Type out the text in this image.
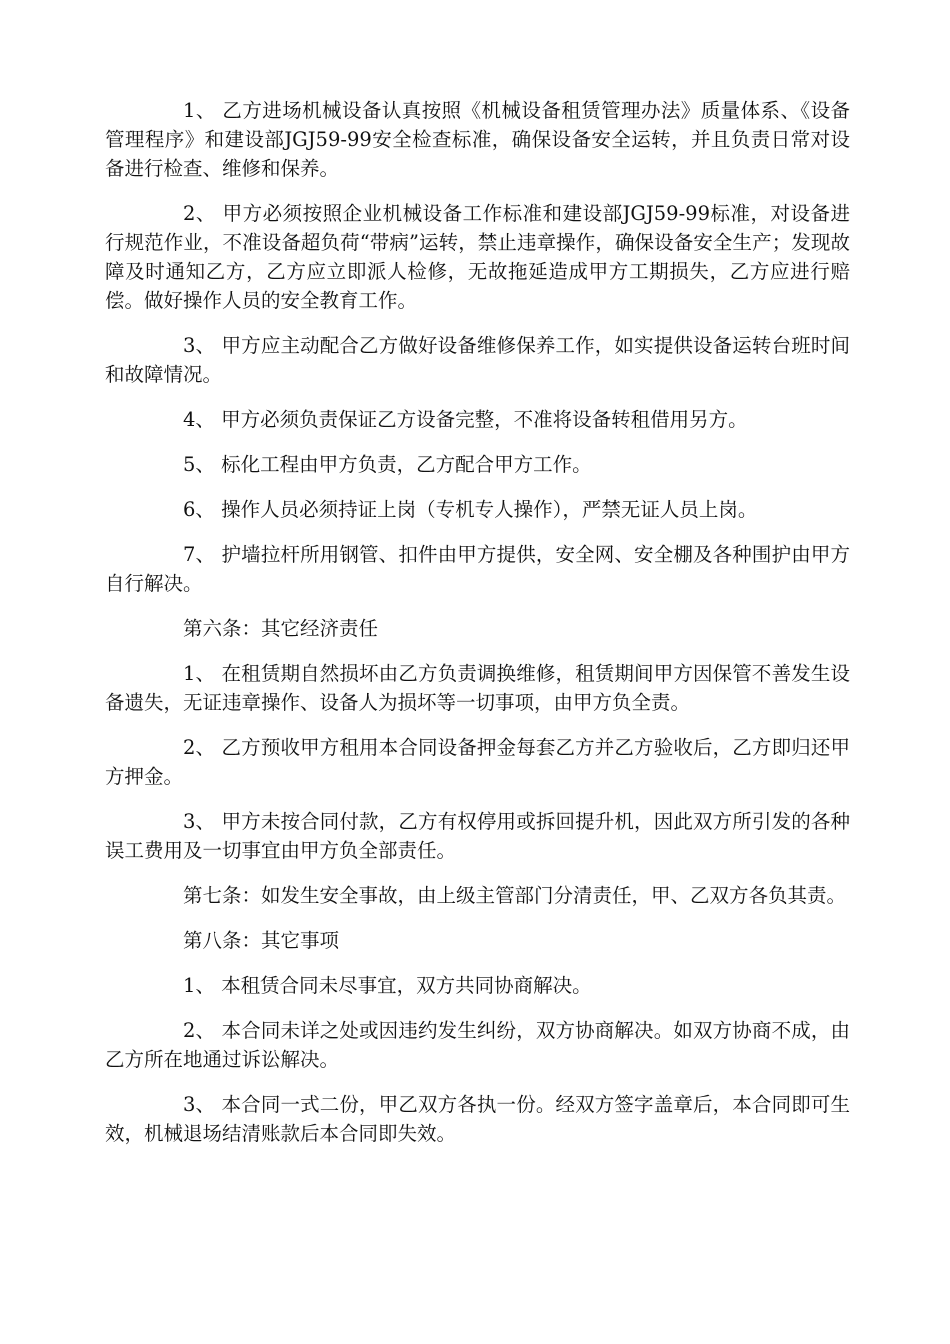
1、 乙方进场机械设备认真按照《机械设备租赁管理办法》质量体系、《设备管理程序》和建设部JGJ59-99安全检查标准，确保设备安全运转，并且负责日常对设备进行检查、维修和保养。

2、 甲方必须按照企业机械设备工作标准和建设部JGJ59-99标准，对设备进行规范作业，不准设备超负荷“带病”运转，禁止违章操作，确保设备安全生产；发现故障及时通知乙方，乙方应立即派人检修，无故拖延造成甲方工期损失，乙方应进行赔偿。做好操作人员的安全教育工作。

3、 甲方应主动配合乙方做好设备维修保养工作，如实提供设备运转台班时间和故障情况。

4、 甲方必须负责保证乙方设备完整，不准将设备转租借用另方。

5、 标化工程由甲方负责，乙方配合甲方工作。

6、 操作人员必须持证上岗（专机专人操作），严禁无证人员上岗。

7、 护墙拉杆所用钢管、扣件由甲方提供，安全网、安全棚及各种围护由甲方自行解决。

第六条：其它经济责任

1、 在租赁期自然损坏由乙方负责调换维修，租赁期间甲方因保管不善发生设备遗失，无证违章操作、设备人为损坏等一切事项，由甲方负全责。

2、 乙方预收甲方租用本合同设备押金每套乙方并乙方验收后，乙方即归还甲方押金。

3、 甲方未按合同付款，乙方有权停用或拆回提升机，因此双方所引发的各种误工费用及一切事宜由甲方负全部责任。

第七条：如发生安全事故，由上级主管部门分清责任，甲、乙双方各负其责。

第八条：其它事项

1、 本租赁合同未尽事宜，双方共同协商解决。

2、 本合同未详之处或因违约发生纠纷，双方协商解决。如双方协商不成，由乙方所在地通过诉讼解决。

3、 本合同一式二份，甲乙双方各执一份。经双方签字盖章后，本合同即可生效，机械退场结清账款后本合同即失效。
